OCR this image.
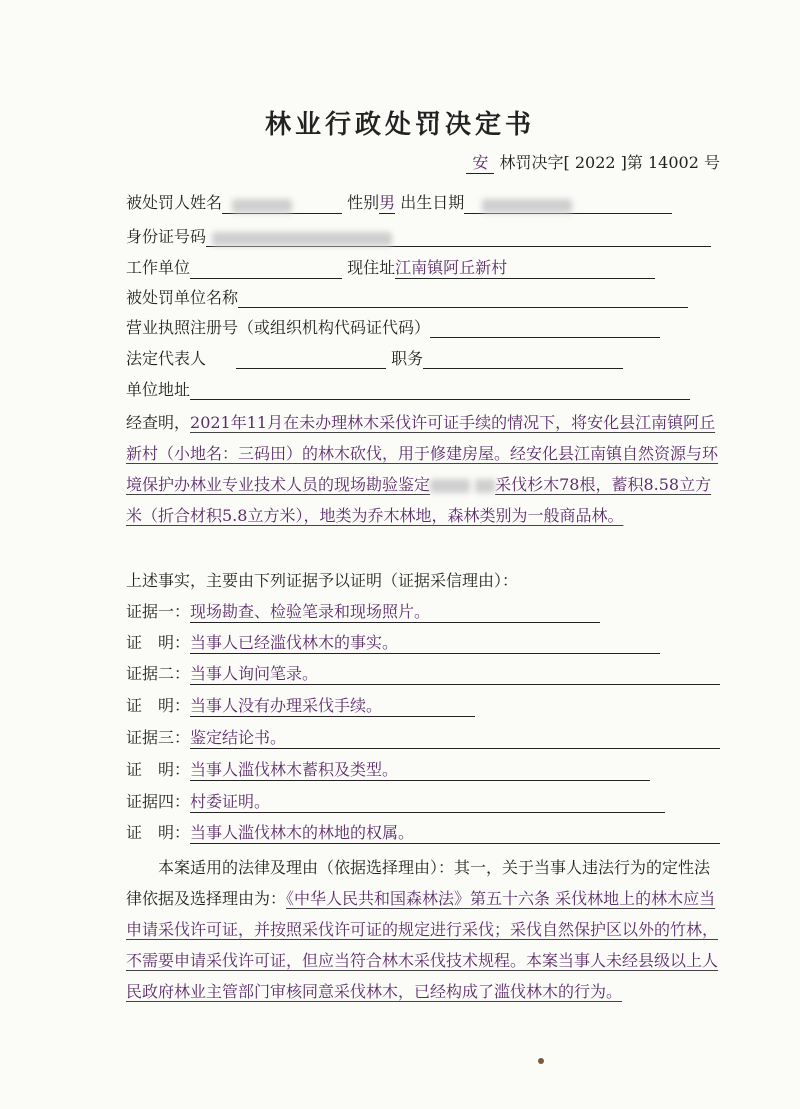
林业行政处罚决定书
安 林罚决字[ 2022 ]第 14002 号
被处罚人姓名	性别男 出生日期
身份证号码
工作单位	现住址江南镇阿丘新村
被处罚单位名称
营业执照注册号（或组织机构代码证代码）
法定代表人	职务
单位地址
经查明，2021年11月在未办理林木采伐许可证手续的情况下，将安化县江南镇阿丘新村（小地名：三码田）的林木砍伐，用于修建房屋。经安化县江南镇自然资源与环境保护办林业专业技术人员的现场勘验鉴定	采伐杉木78根，蓄积8.58立方米（折合材积5.8立方米），地类为乔木林地，森林类别为一般商品林。
上述事实，主要由下列证据予以证明（证据采信理由）：
证据一：现场勘查、检验笔录和现场照片。
证　明：当事人已经滥伐林木的事实。
证据二：当事人询问笔录。
证　明：当事人没有办理采伐手续。
证据三：鉴定结论书。
证　明：当事人滥伐林木蓄积及类型。
证据四：村委证明。
证　明：当事人滥伐林木的林地的权属。
本案适用的法律及理由（依据选择理由）：其一，关于当事人违法行为的定性法律依据及选择理由为：《中华人民共和国森林法》第五十六条 采伐林地上的林木应当申请采伐许可证，并按照采伐许可证的规定进行采伐；采伐自然保护区以外的竹林，不需要申请采伐许可证，但应当符合林木采伐技术规程。本案当事人未经县级以上人民政府林业主管部门审核同意采伐林木，已经构成了滥伐林木的行为。
